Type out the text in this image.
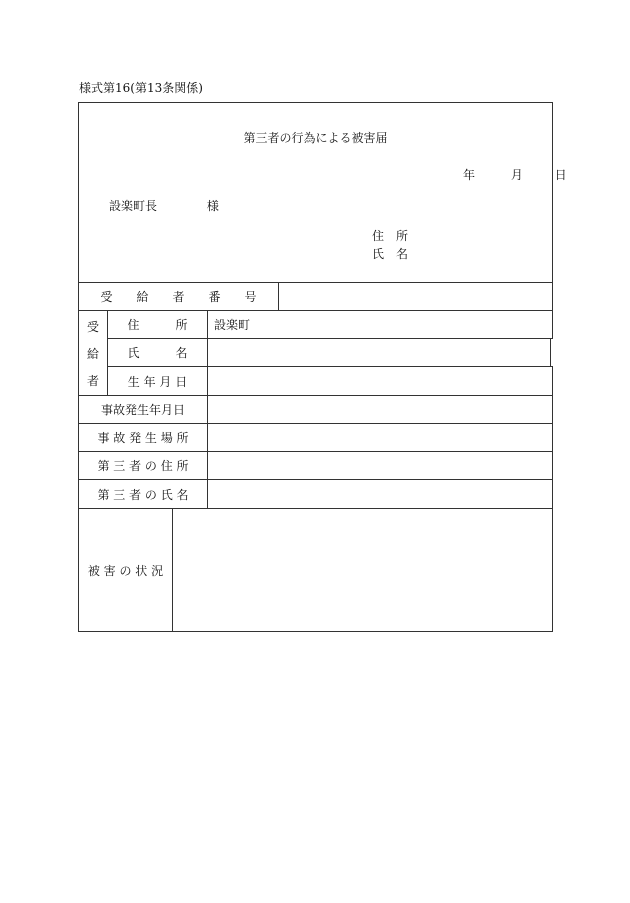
様式第16(第13条関係)
第三者の行為による被害届
年	月	日
設楽町長	様
住　所
氏　名
受　　給　　者　　番　　号
受
給
者
住　　　所	設楽町
氏　　　名
生 年 月 日
事故発生年月日
事 故 発 生 場 所
第 三 者 の 住 所
第 三 者 の 氏 名
被 害 の 状 況
